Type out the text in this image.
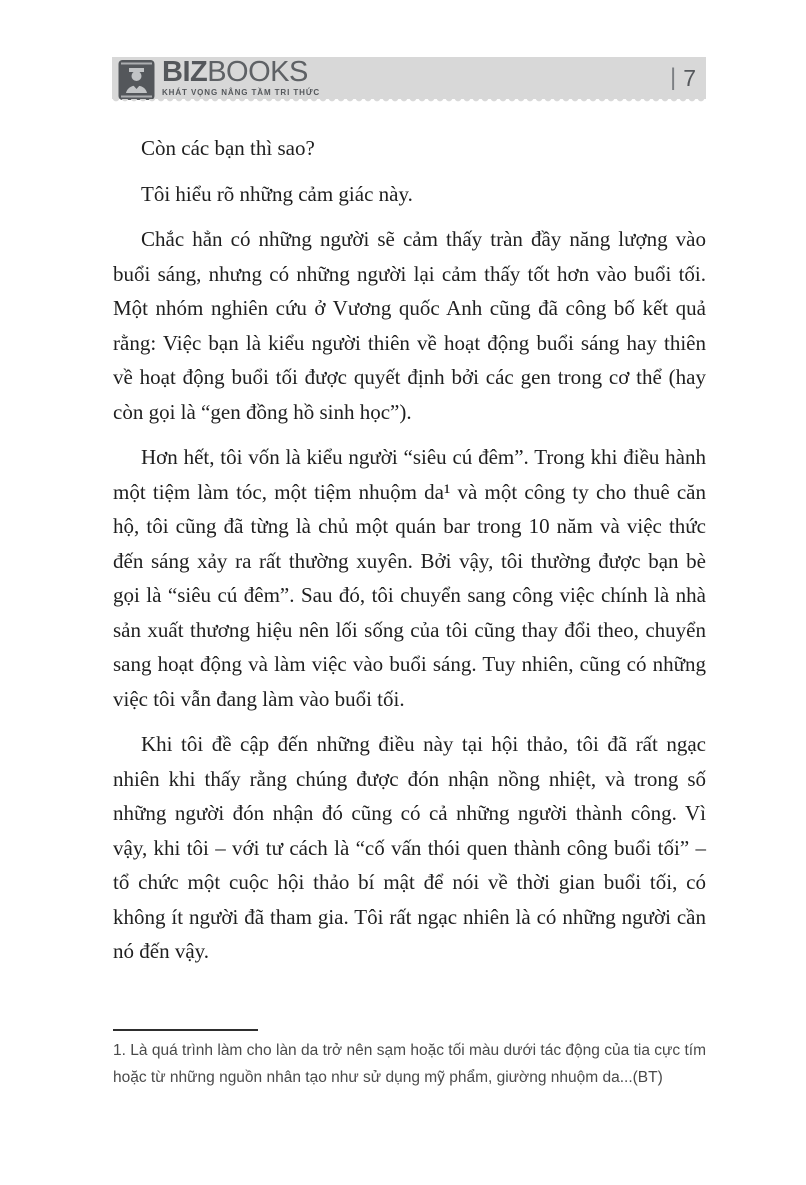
BIZBOOKS
KHÁT VỌNG NÂNG TẦM TRI THỨC
| 7

Còn các bạn thì sao?

Tôi hiểu rõ những cảm giác này.

Chắc hẳn có những người sẽ cảm thấy tràn đầy năng lượng vào buổi sáng, nhưng có những người lại cảm thấy tốt hơn vào buổi tối. Một nhóm nghiên cứu ở Vương quốc Anh cũng đã công bố kết quả rằng: Việc bạn là kiểu người thiên về hoạt động buổi sáng hay thiên về hoạt động buổi tối được quyết định bởi các gen trong cơ thể (hay còn gọi là “gen đồng hồ sinh học”).

Hơn hết, tôi vốn là kiểu người “siêu cú đêm”. Trong khi điều hành một tiệm làm tóc, một tiệm nhuộm da¹ và một công ty cho thuê căn hộ, tôi cũng đã từng là chủ một quán bar trong 10 năm và việc thức đến sáng xảy ra rất thường xuyên. Bởi vậy, tôi thường được bạn bè gọi là “siêu cú đêm”. Sau đó, tôi chuyển sang công việc chính là nhà sản xuất thương hiệu nên lối sống của tôi cũng thay đổi theo, chuyển sang hoạt động và làm việc vào buổi sáng. Tuy nhiên, cũng có những việc tôi vẫn đang làm vào buổi tối.

Khi tôi đề cập đến những điều này tại hội thảo, tôi đã rất ngạc nhiên khi thấy rằng chúng được đón nhận nồng nhiệt, và trong số những người đón nhận đó cũng có cả những người thành công. Vì vậy, khi tôi – với tư cách là “cố vấn thói quen thành công buổi tối” – tổ chức một cuộc hội thảo bí mật để nói về thời gian buổi tối, có không ít người đã tham gia. Tôi rất ngạc nhiên là có những người cần nó đến vậy.

1. Là quá trình làm cho làn da trở nên sạm hoặc tối màu dưới tác động của tia cực tím hoặc từ những nguồn nhân tạo như sử dụng mỹ phẩm, giường nhuộm da...(BT)
